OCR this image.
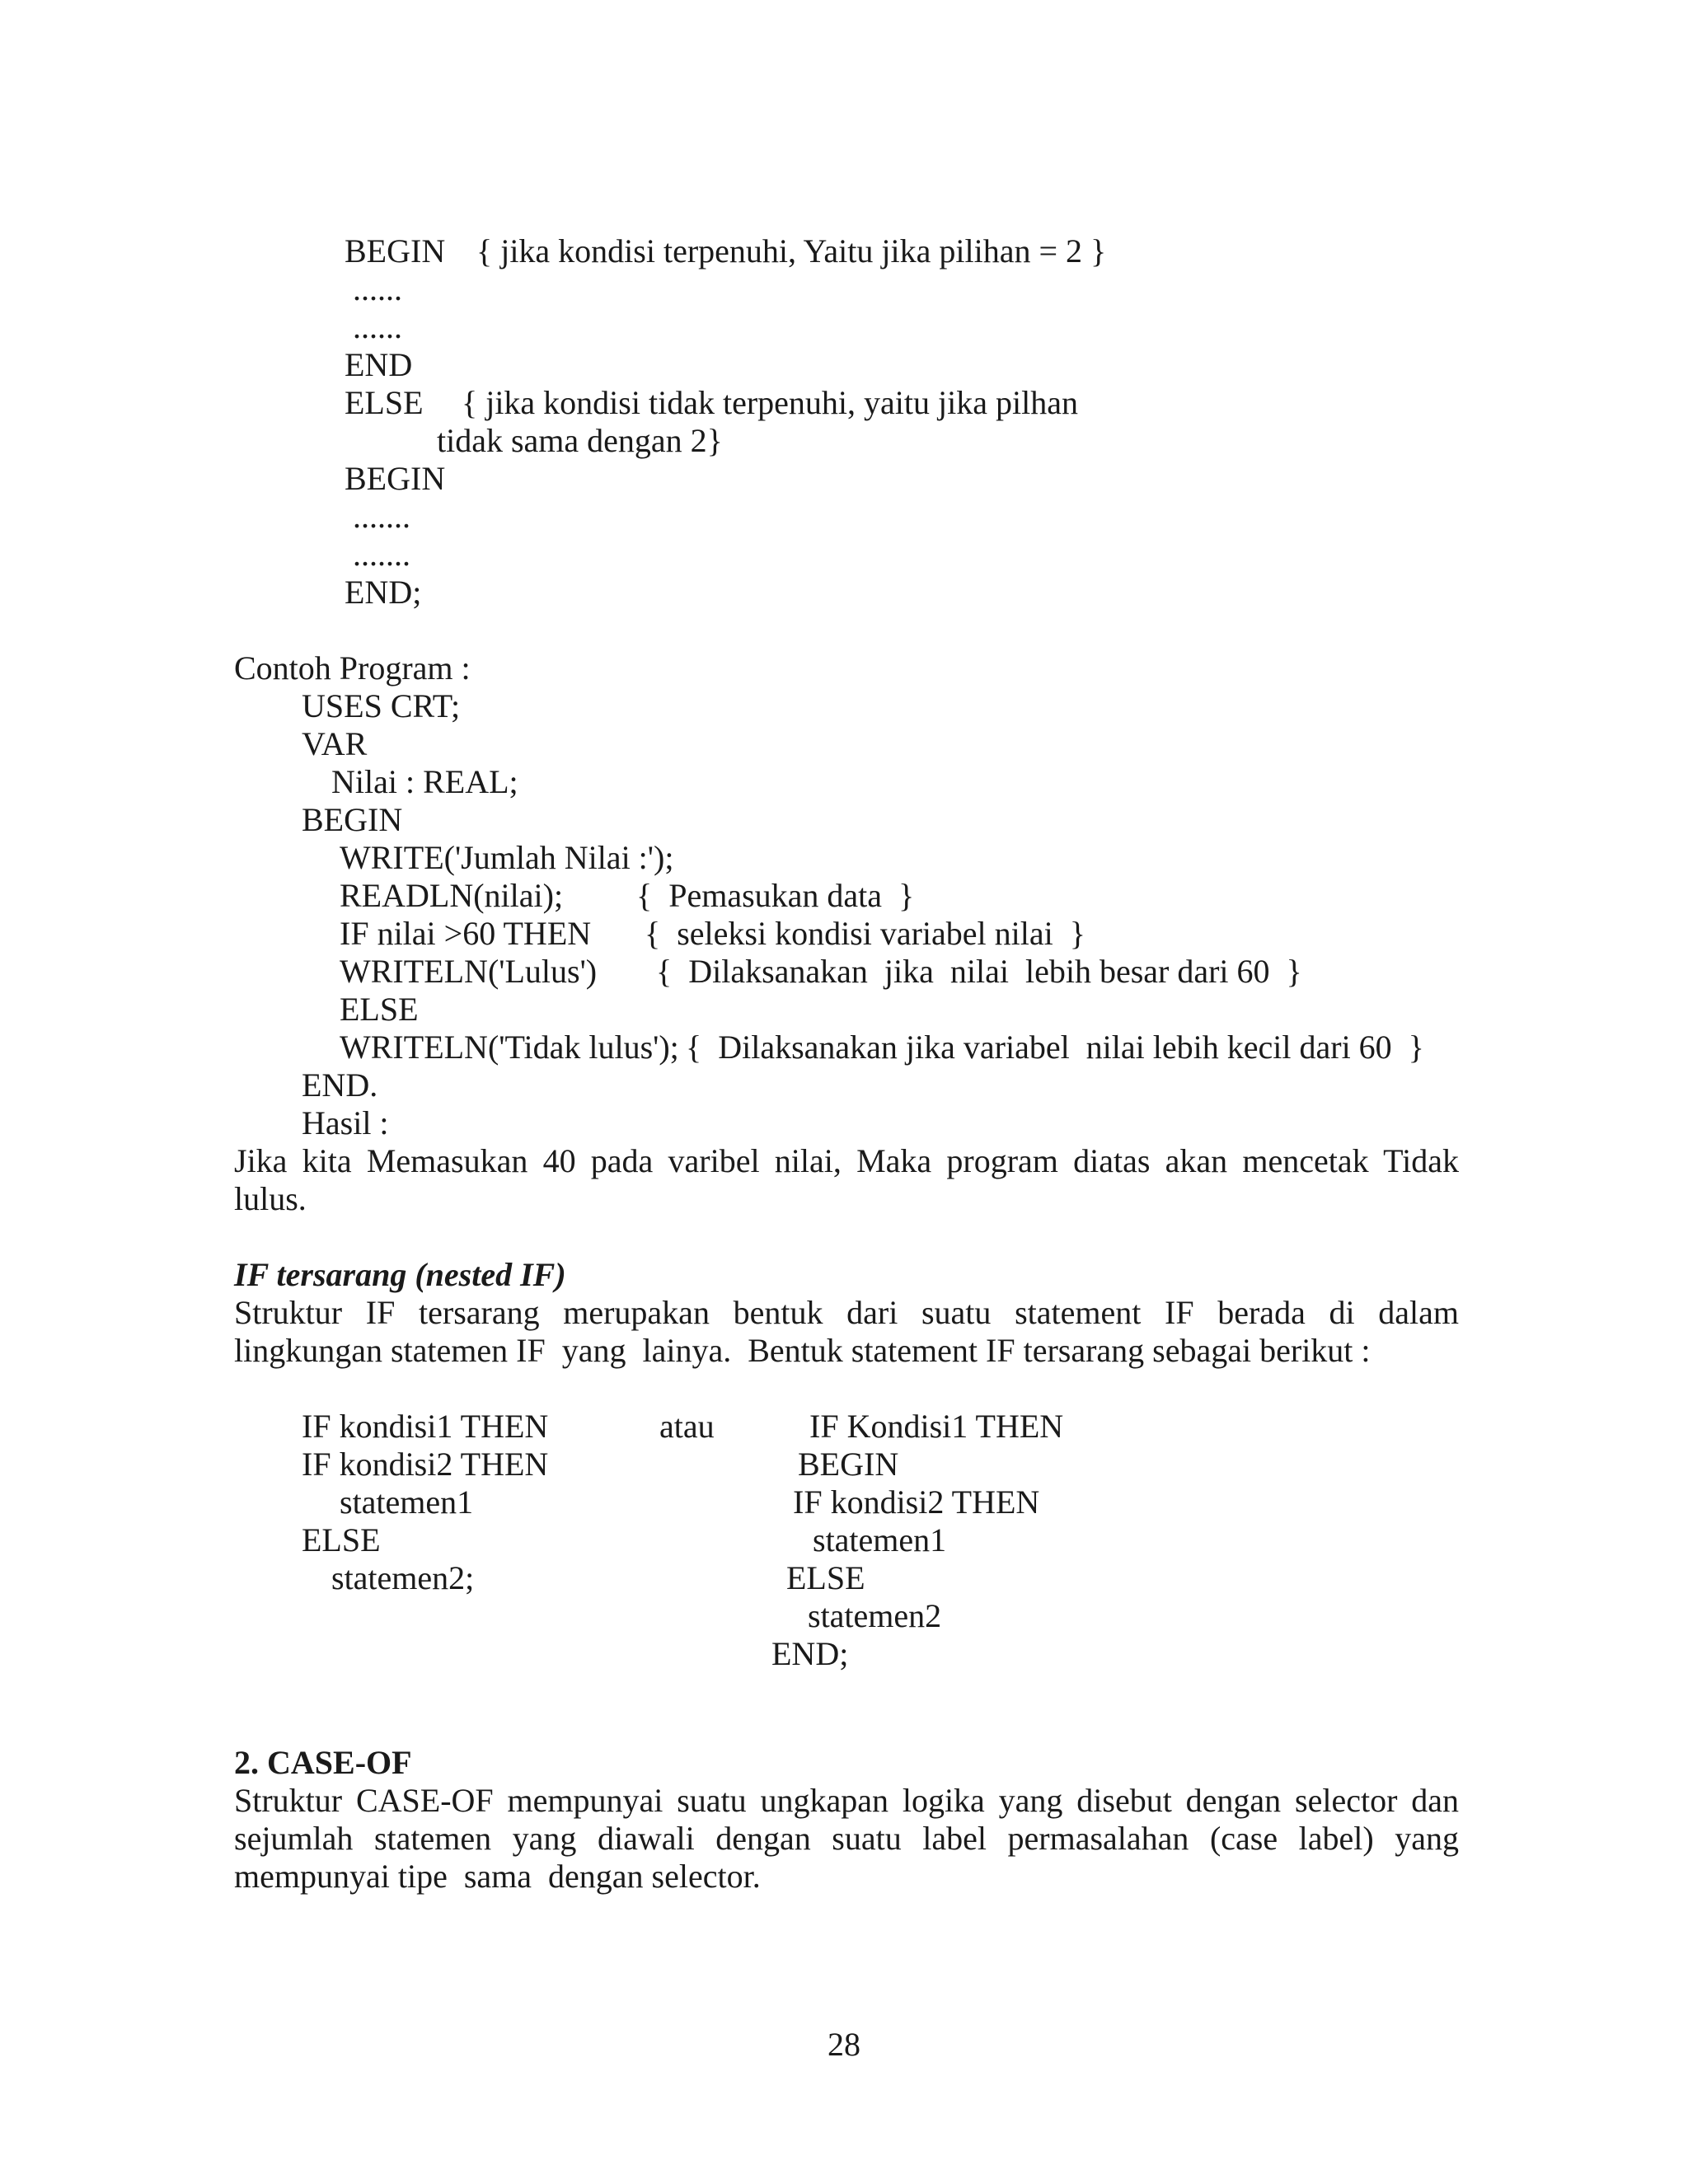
BEGIN { jika kondisi terpenuhi, Yaitu jika pilihan = 2 }

......

......

END

ELSE { jika kondisi tidak terpenuhi, yaitu jika pilhan

tidak sama dengan 2}

BEGIN

.......

.......

END;

Contoh Program :

USES CRT;

VAR

Nilai : REAL;

BEGIN

WRITE('Jumlah Nilai :');

READLN(nilai); {  Pemasukan data  }

IF nilai >60 THEN {  seleksi kondisi variabel nilai  }

WRITELN('Lulus') {  Dilaksanakan  jika  nilai  lebih besar dari 60  }

ELSE

WRITELN('Tidak lulus'); {  Dilaksanakan jika variabel  nilai lebih kecil dari 60  }

END.

Hasil :

Jika kita Memasukan 40 pada varibel nilai, Maka program diatas akan mencetak Tidak

lulus.

IF tersarang (nested IF)

Struktur IF tersarang merupakan bentuk dari suatu statement IF berada di dalam

lingkungan statemen IF  yang  lainya.  Bentuk statement IF tersarang sebagai berikut :

IF kondisi1 THEN

IF kondisi2 THEN

statemen1

ELSE

statemen2;

atau	IF Kondisi1 THEN

BEGIN

IF kondisi2 THEN

statemen1

ELSE

statemen2

END;

2. CASE-OF

Struktur CASE-OF mempunyai suatu ungkapan logika yang disebut dengan selector dan

sejumlah statemen yang diawali dengan suatu label permasalahan (case label) yang

mempunyai tipe  sama  dengan selector.

28
